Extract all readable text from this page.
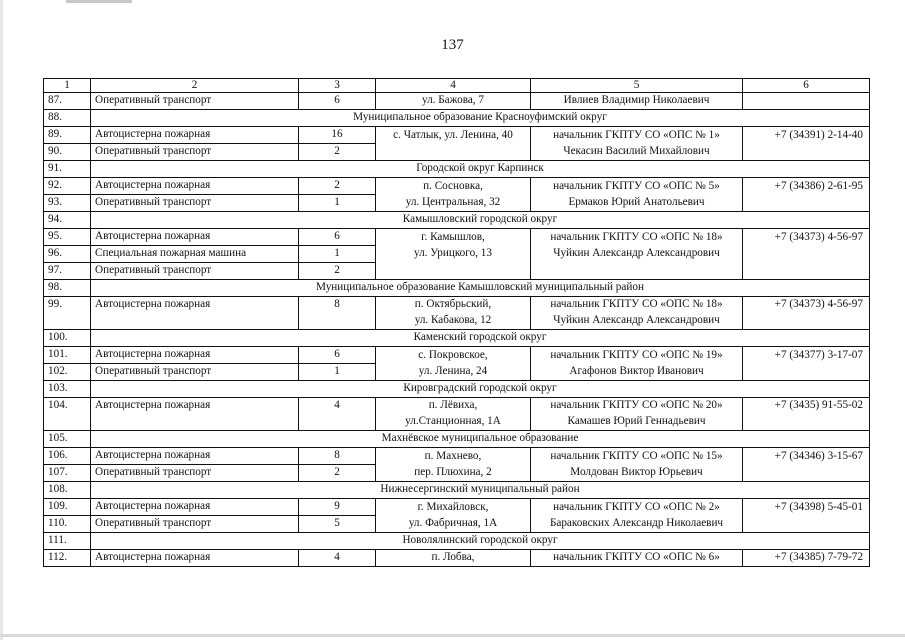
137
1	2	3	4	5	6
87.	Оперативный транспорт	6	ул. Бажова, 7	Ивлиев Владимир Николаевич	
88.	Муниципальное образование Красноуфимский округ				
89.	Автоцистерна пожарная	16	с. Чатлык, ул. Ленина, 40	начальник ГКПТУ СО «ОПС № 1»	+7 (34391) 2-14-40
90.	Оперативный транспорт	2		Чекасин Василий Михайлович	
91.	Городской округ Карпинск				
92.	Автоцистерна пожарная	2	п. Сосновка,	начальник ГКПТУ СО «ОПС № 5»	+7 (34386) 2-61-95
93.	Оперативный транспорт	1	ул. Центральная, 32	Ермаков Юрий Анатольевич	
94.	Камышловский городской округ				
95.	Автоцистерна пожарная	6	г. Камышлов,	начальник ГКПТУ СО «ОПС № 18»	+7 (34373) 4-56-97
96.	Специальная пожарная машина	1	ул. Урицкого, 13	Чуйкин Александр Александрович	
97.	Оперативный транспорт	2			
98.	Муниципальное образование Камышловский муниципальный район				
99.	Автоцистерна пожарная	8	п. Октябрьский,	начальник ГКПТУ СО «ОПС № 18»	+7 (34373) 4-56-97
			ул. Кабакова, 12	Чуйкин Александр Александрович	
100.	Каменский городской округ				
101.	Автоцистерна пожарная	6	с. Покровское,	начальник ГКПТУ СО «ОПС № 19»	+7 (34377) 3-17-07
102.	Оперативный транспорт	1	ул. Ленина, 24	Агафонов Виктор Иванович	
103.	Кировградский городской округ				
104.	Автоцистерна пожарная	4	п. Лёвиха,	начальник ГКПТУ СО «ОПС № 20»	+7 (3435) 91-55-02
			ул.Станционная, 1А	Камашев Юрий Геннадьевич	
105.	Махнёвское муниципальное образование				
106.	Автоцистерна пожарная	8	п. Махнево,	начальник ГКПТУ СО «ОПС № 15»	+7 (34346) 3-15-67
107.	Оперативный транспорт	2	пер. Плюхина, 2	Молдован Виктор Юрьевич	
108.	Нижнесергинский муниципальный район				
109.	Автоцистерна пожарная	9	г. Михайловск,	начальник ГКПТУ СО «ОПС № 2»	+7 (34398) 5-45-01
110.	Оперативный транспорт	5	ул. Фабричная, 1А	Бараковских Александр Николаевич	
111.	Новолялинский городской округ				
112.	Автоцистерна пожарная	4	п. Лобва,	начальник ГКПТУ СО «ОПС № 6»	+7 (34385) 7-79-72
